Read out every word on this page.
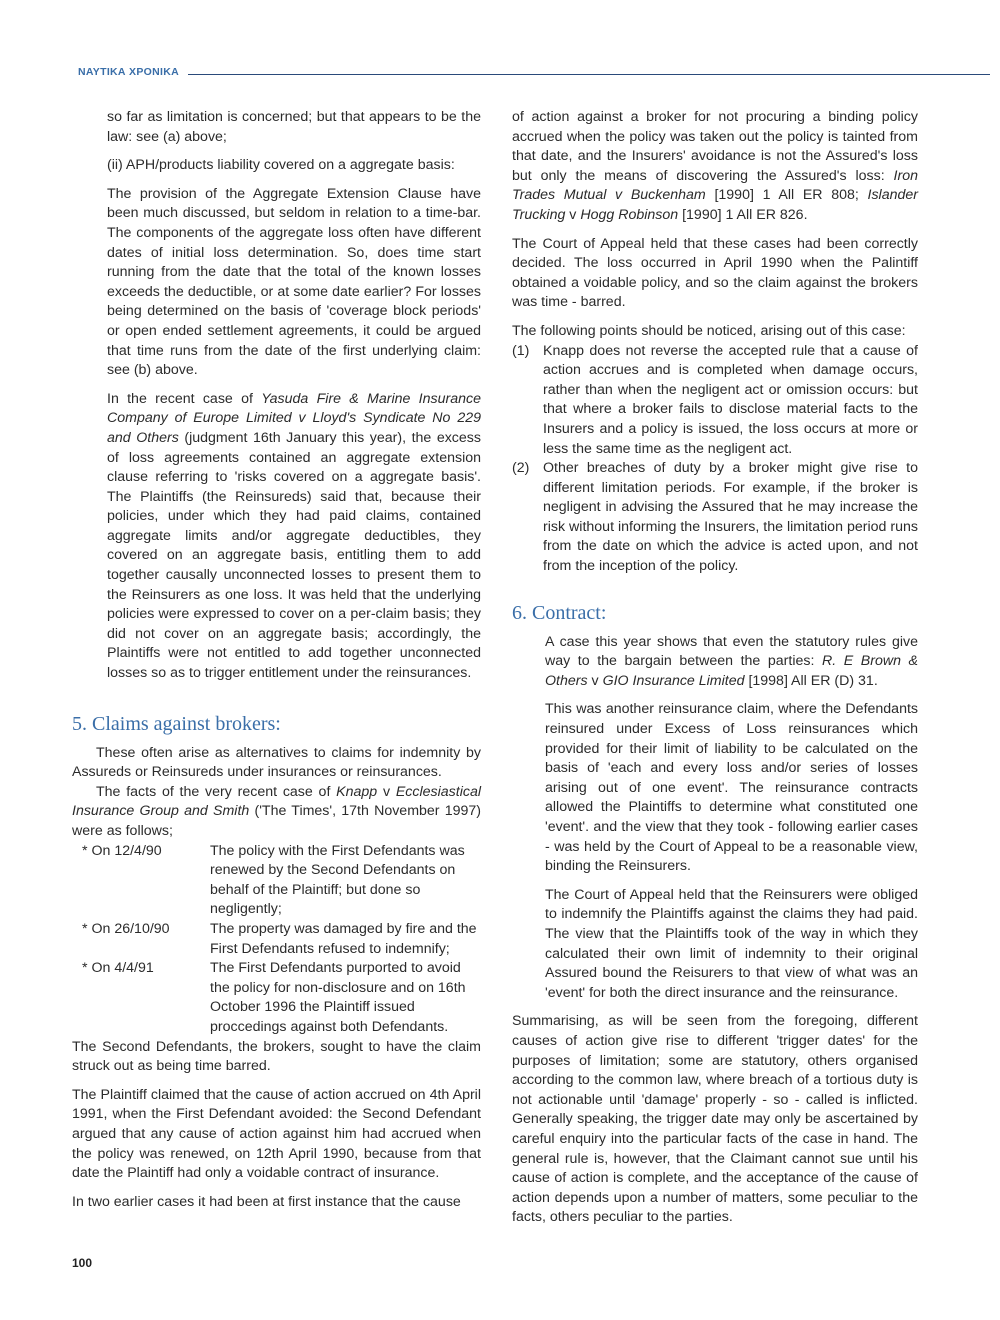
ΝΑΥΤΙΚΑ ΧΡΟΝΙΚΑ

so far as limitation is concerned; but that appears to be the law: see (a) above;

(ii) APH/products liability covered on a aggregate basis:

The provision of the Aggregate Extension Clause have been much discussed, but seldom in relation to a time-bar. The components of the aggregate loss often have different dates of initial loss determination. So, does time start running from the date that the total of the known losses exceeds the deductible, or at some date earlier? For losses being determined on the basis of 'coverage block periods' or open ended settlement agreements, it could be argued that time runs from the date of the first underlying claim: see (b) above.

In the recent case of Yasuda Fire & Marine Insurance Company of Europe Limited v Lloyd's Syndicate No 229 and Others (judgment 16th January this year), the excess of loss agreements contained an aggregate extension clause referring to 'risks covered on a aggregate basis'. The Plaintiffs (the Reinsureds) said that, because their policies, under which they had paid claims, contained aggregate limits and/or aggregate deductibles, they covered on an aggregate basis, entitling them to add together causally unconnected losses to present them to the Reinsurers as one loss. It was held that the underlying policies were expressed to cover on a per-claim basis; they did not cover on an aggregate basis; accordingly, the Plaintiffs were not entitled to add together unconnected losses so as to trigger entitlement under the reinsurances.

5. Claims against brokers:

These often arise as alternatives to claims for indemnity by Assureds or Reinsureds under insurances or reinsurances.

The facts of the very recent case of Knapp v Ecclesiastical Insurance Group and Smith ('The Times', 17th November 1997) were as follows;

* On 12/4/90	The policy with the First Defendants was renewed by the Second Defendants on behalf of the Plaintiff; but done so negligently;
* On 26/10/90	The property was damaged by fire and the First Defendants refused to indemnify;
* On 4/4/91	The First Defendants purported to avoid the policy for non-disclosure and on 16th October 1996 the Plaintiff issued proccedings against both Defendants.

The Second Defendants, the brokers, sought to have the claim struck out as being time barred.

The Plaintiff claimed that the cause of action accrued on 4th April 1991, when the First Defendant avoided: the Second Defendant argued that any cause of action against him had accrued when the policy was renewed, on 12th April 1990, because from that date the Plaintiff had only a voidable contract of insurance.

In two earlier cases it had been at first instance that the cause

of action against a broker for not procuring a binding policy accrued when the policy was taken out the policy is tainted from that date, and the Insurers' avoidance is not the Assured's loss but only the means of discovering the Assured's loss: Iron Trades Mutual v Buckenham [1990] 1 All ER 808; Islander Trucking v Hogg Robinson [1990] 1 All ER 826.

The Court of Appeal held that these cases had been correctly decided. The loss occurred in April 1990 when the Palintiff obtained a voidable policy, and so the claim against the brokers was time - barred.

The following points should be noticed, arising out of this case:

(1) Knapp does not reverse the accepted rule that a cause of action accrues and is completed when damage occurs, rather than when the negligent act or omission occurs: but that where a broker fails to disclose material facts to the Insurers and a policy is issued, the loss occurs at more or less the same time as the negligent act.
(2) Other breaches of duty by a broker might give rise to different limitation periods. For example, if the broker is negligent in advising the Assured that he may increase the risk without informing the Insurers, the limitation period runs from the date on which the advice is acted upon, and not from the inception of the policy.
6. Contract:

A case this year shows that even the statutory rules give way to the bargain between the parties: R. E Brown & Others v GIO Insurance Limited [1998] All ER (D) 31.

This was another reinsurance claim, where the Defendants reinsured under Excess of Loss reinsurances which provided for their limit of liability to be calculated on the basis of 'each and every loss and/or series of losses arising out of one event'. The reinsurance contracts allowed the Plaintiffs to determine what constituted one 'event'. and the view that they took - following earlier cases - was held by the Court of Appeal to be a reasonable view, binding the Reinsurers.

The Court of Appeal held that the Reinsurers were obliged to indemnify the Plaintiffs against the claims they had paid. The view that the Plaintiffs took of the way in which they calculated their own limit of indemnity to their original Assured bound the Reisurers to that view of what was an 'event' for both the direct insurance and the reinsurance.

Summarising, as will be seen from the foregoing, different causes of action give rise to different 'trigger dates' for the purposes of limitation; some are statutory, others organised according to the common law, where breach of a tortious duty is not actionable until 'damage' properly - so - called is inflicted. Generally speaking, the trigger date may only be ascertained by careful enquiry into the particular facts of the case in hand. The general rule is, however, that the Claimant cannot sue until his cause of action is complete, and the acceptance of the cause of action depends upon a number of matters, some peculiar to the facts, others peculiar to the parties.

100
